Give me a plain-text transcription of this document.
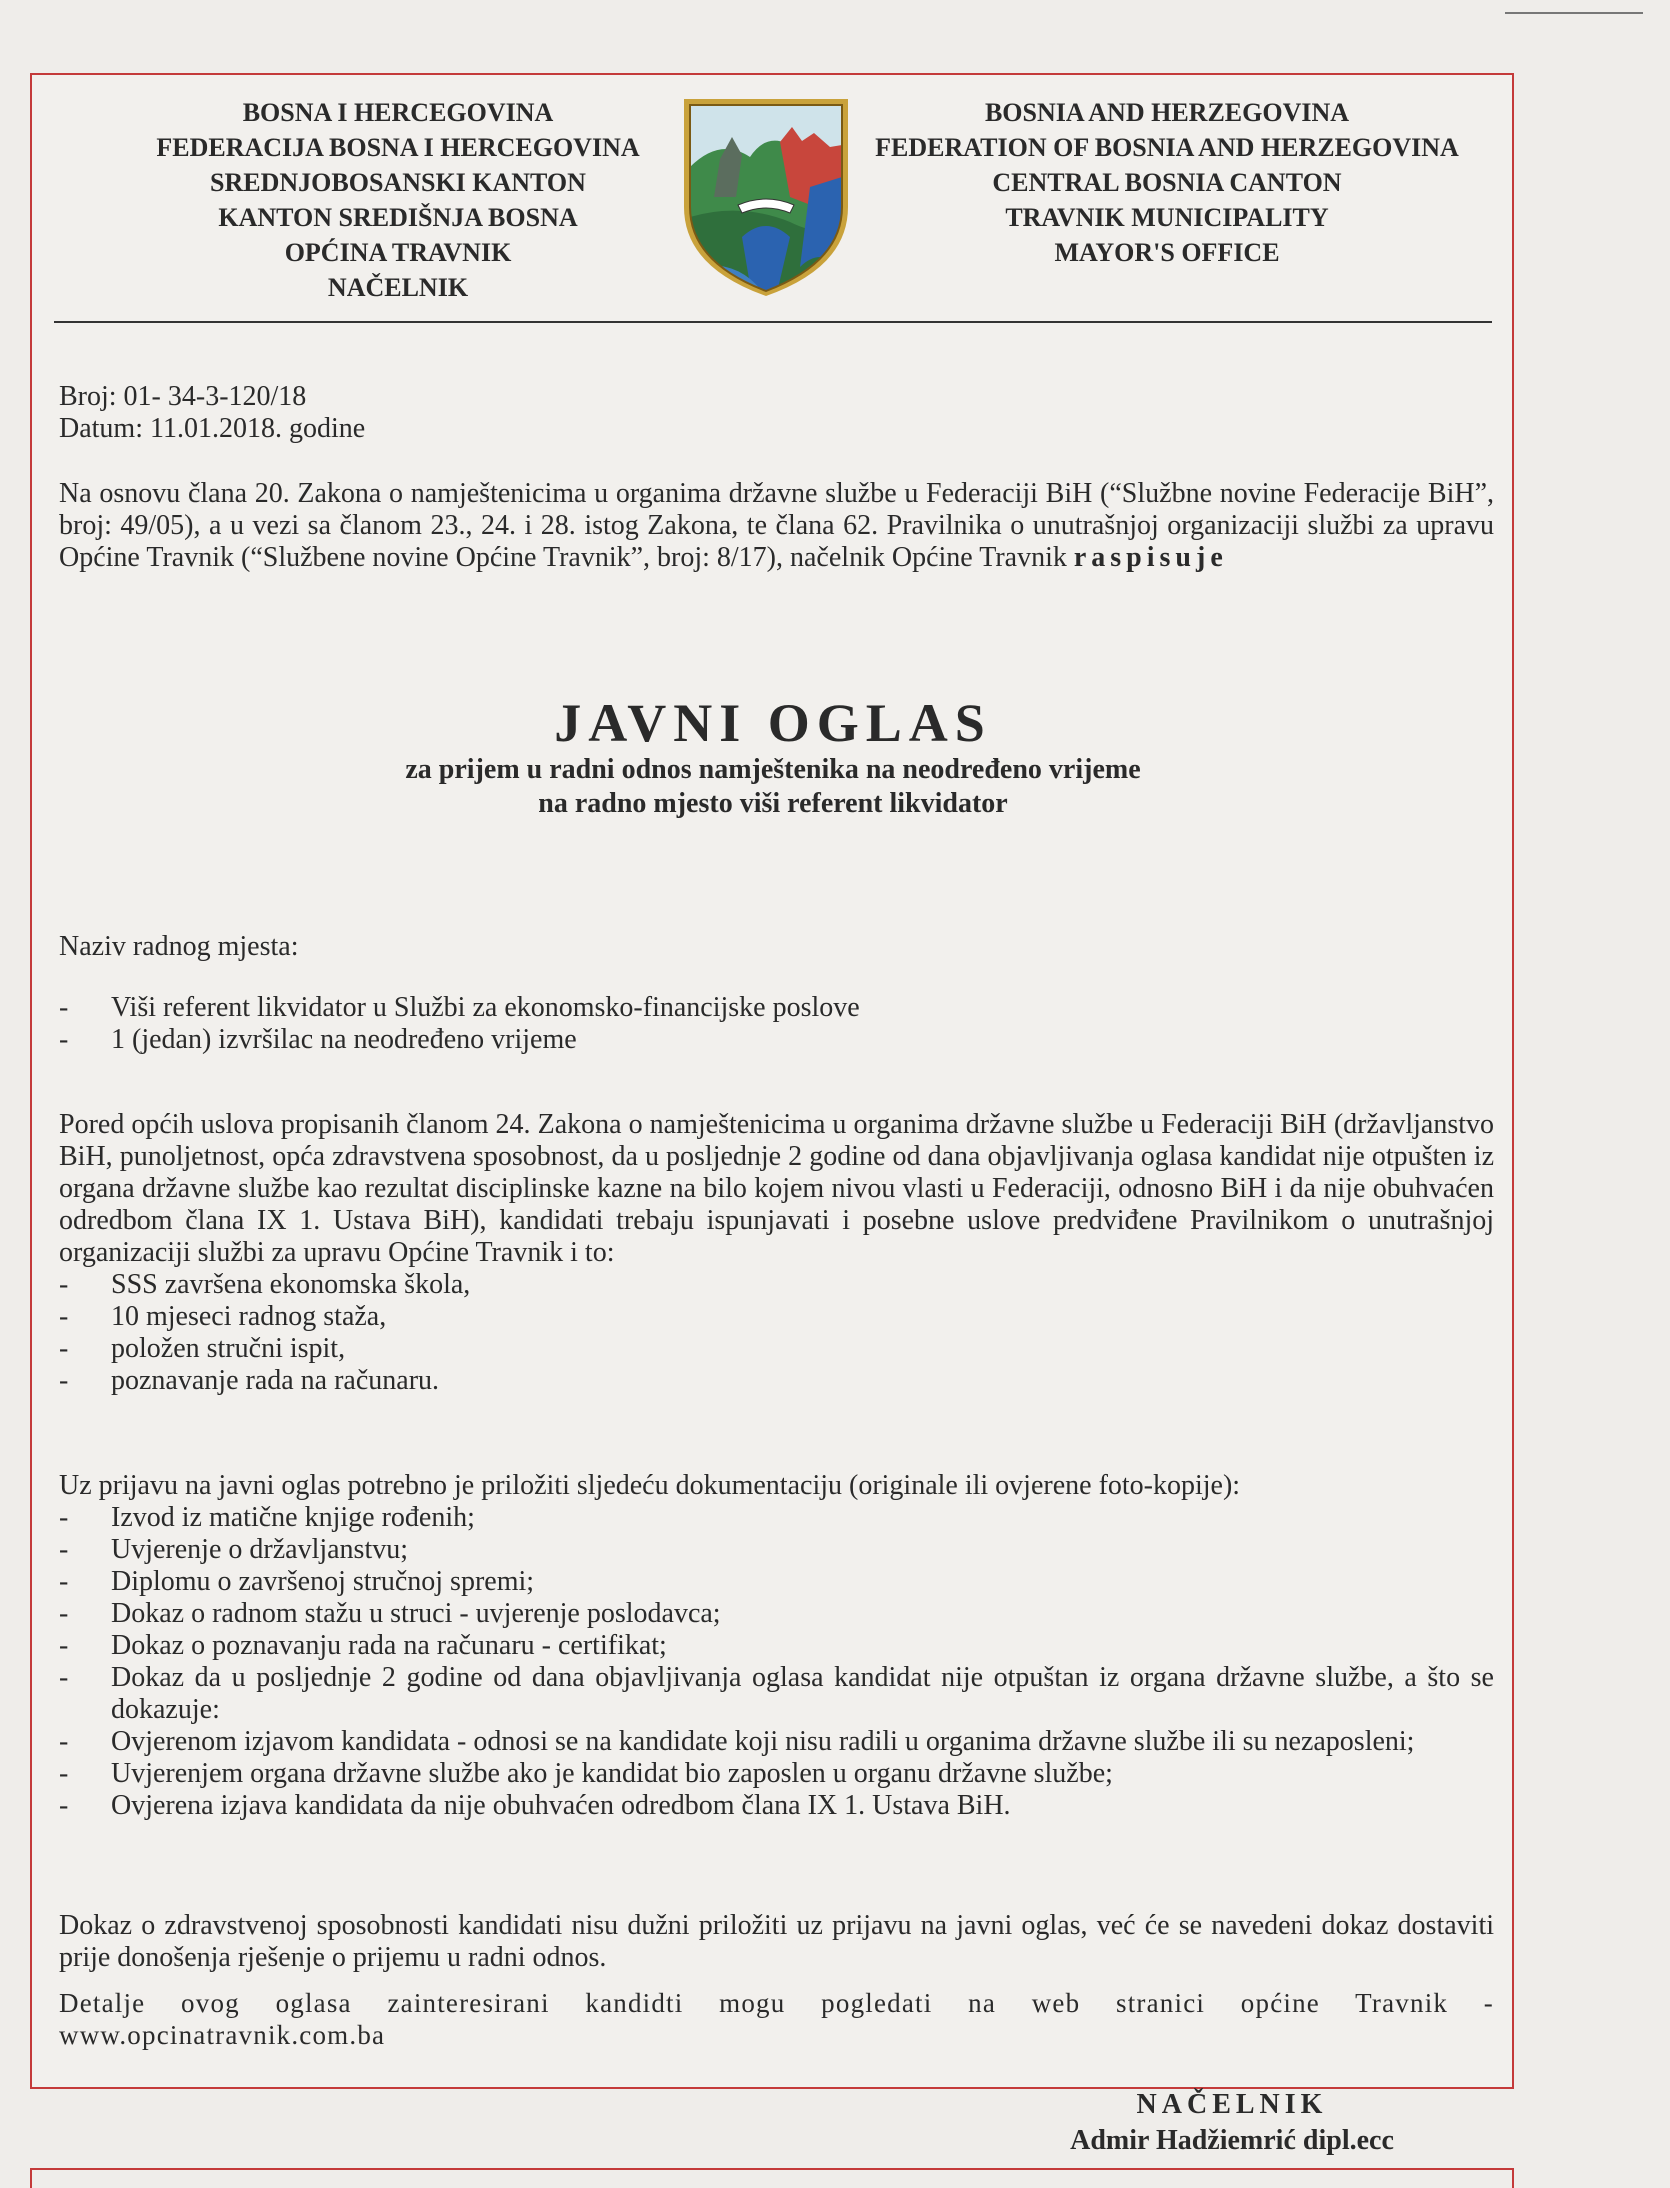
BOSNA I HERCEGOVINA
FEDERACIJA BOSNA I HERCEGOVINA
SREDNJOBOSANSKI KANTON
KANTON SREDIŠNJA BOSNA
OPĆINA TRAVNIK
NAČELNIK
BOSNIA AND HERZEGOVINA
FEDERATION OF BOSNIA AND HERZEGOVINA
CENTRAL BOSNIA CANTON
TRAVNIK MUNICIPALITY
MAYOR'S OFFICE
Broj: 01- 34-3-120/18
Datum: 11.01.2018. godine
Na osnovu člana 20. Zakona o namještenicima u organima državne službe u Federaciji BiH (“Službne novine Federacije BiH”, broj: 49/05), a u vezi sa članom 23., 24. i 28. istog Zakona, te člana 62. Pravilnika o unutrašnjoj organizaciji službi za upravu Općine Travnik (“Službene novine Općine Travnik”, broj: 8/17), načelnik Općine Travnik raspisuje
JAVNI OGLAS
za prijem u radni odnos namještenika na neodređeno vrijeme
na radno mjesto viši referent likvidator
Naziv radnog mjesta:
-	Viši referent likvidator u Službi za ekonomsko-financijske poslove
-	1 (jedan) izvršilac na neodređeno vrijeme
Pored općih uslova propisanih članom 24. Zakona o namještenicima u organima državne službe u Federaciji BiH (državljanstvo BiH, punoljetnost, opća zdravstvena sposobnost, da u posljednje 2 godine od dana objavljivanja oglasa kandidat nije otpušten iz organa državne službe kao rezultat disciplinske kazne na bilo kojem nivou vlasti u Federaciji, odnosno BiH i da nije obuhvaćen odredbom člana IX 1. Ustava BiH), kandidati trebaju ispunjavati i posebne uslove predviđene Pravilnikom o unutrašnjoj organizaciji službi za upravu Općine Travnik i to:
-	SSS završena ekonomska škola,
-	10 mjeseci radnog staža,
-	položen stručni ispit,
-	poznavanje rada na računaru.
Uz prijavu na javni oglas potrebno je priložiti sljedeću dokumentaciju (originale ili ovjerene foto-kopije):
-	Izvod iz matične knjige rođenih;
-	Uvjerenje o državljanstvu;
-	Diplomu o završenoj stručnoj spremi;
-	Dokaz o radnom stažu u struci - uvjerenje poslodavca;
-	Dokaz o poznavanju rada na računaru - certifikat;
-	Dokaz da u posljednje 2 godine od dana objavljivanja oglasa kandidat nije otpuštan iz organa državne službe, a što se dokazuje:
-	Ovjerenom izjavom kandidata - odnosi se na kandidate koji nisu radili u organima državne službe ili su nezaposleni;
-	Uvjerenjem organa državne službe ako je kandidat bio zaposlen u organu državne službe;
-	Ovjerena izjava kandidata da nije obuhvaćen odredbom člana IX 1. Ustava BiH.
Dokaz o zdravstvenoj sposobnosti kandidati nisu dužni priložiti uz prijavu na javni oglas, već će se navedeni dokaz dostaviti prije donošenja rješenje o prijemu u radni odnos.
Detalje ovog oglasa zainteresirani kandidti mogu pogledati na web stranici općine Travnik - www.opcinatravnik.com.ba
NAČELNIK
Admir Hadžiemrić dipl.ecc
